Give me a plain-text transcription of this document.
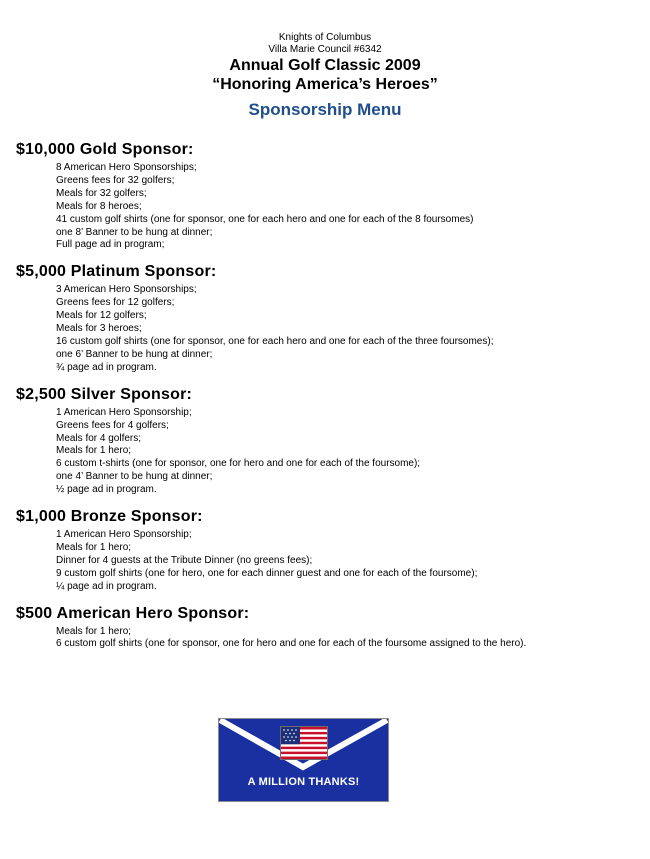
Knights of Columbus
Villa Marie Council #6342
Annual Golf Classic 2009
“Honoring America’s Heroes”
Sponsorship Menu
$10,000 Gold Sponsor:
8 American Hero Sponsorships;
Greens fees for 32 golfers;
Meals for 32 golfers;
Meals for 8 heroes;
41 custom golf shirts (one for sponsor, one for each hero and one for each of the 8 foursomes)
one 8’ Banner to be hung at dinner;
Full page ad in program;
$5,000 Platinum Sponsor:
3 American Hero Sponsorships;
Greens fees for 12 golfers;
Meals for 12 golfers;
Meals for 3 heroes;
16 custom golf shirts (one for sponsor, one for each hero and one for each of the three foursomes);
one 6’ Banner to be hung at dinner;
¾ page ad in program.
$2,500 Silver Sponsor:
1 American Hero Sponsorship;
Greens fees for 4 golfers;
Meals for 4 golfers;
Meals for 1 hero;
6 custom t-shirts (one for sponsor, one for hero and one for each of the foursome);
one 4’ Banner to be hung at dinner;
½ page ad in program.
$1,000 Bronze Sponsor:
1 American Hero Sponsorship;
Meals for 1 hero;
Dinner for 4 guests at the Tribute Dinner (no greens fees);
9 custom golf shirts (one for hero, one for each dinner guest and one for each of the foursome);
¼ page ad in program.
$500 American Hero Sponsor:
Meals for 1 hero;
6 custom golf shirts (one for sponsor, one for hero and one for each of the foursome assigned to the hero).
A MILLION THANKS!
